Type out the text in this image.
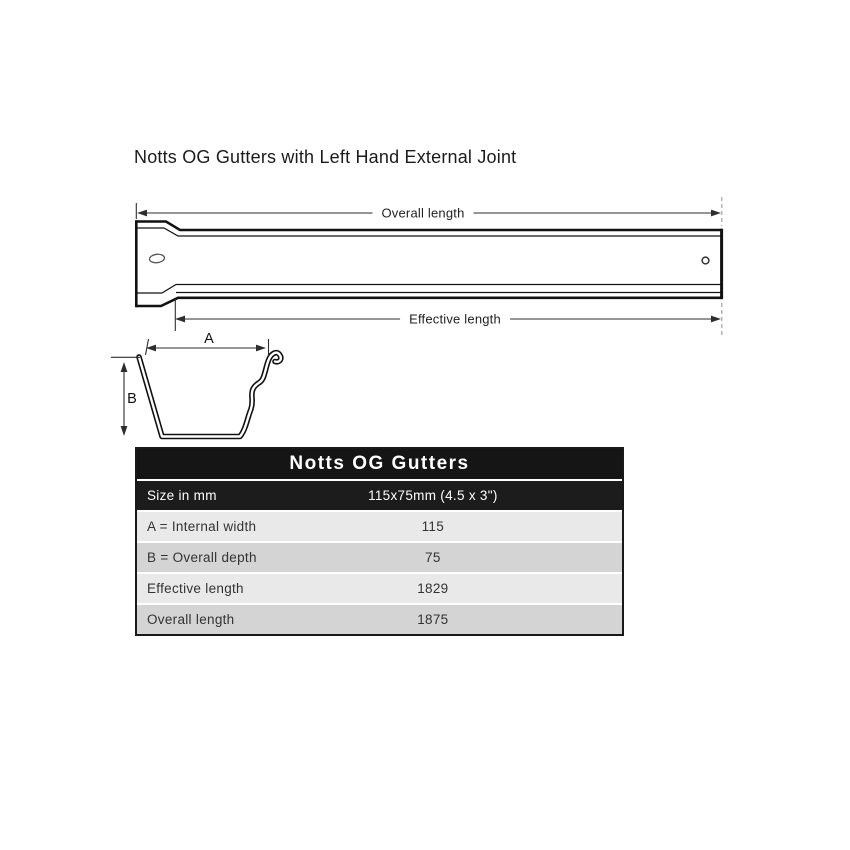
Notts OG Gutters with Left Hand External Joint
Overall length
Effective length
A
B
Notts OG Gutters
Size in mm	115x75mm (4.5 x 3")
A = Internal width	115
B = Overall depth	75
Effective length	1829
Overall length	1875
